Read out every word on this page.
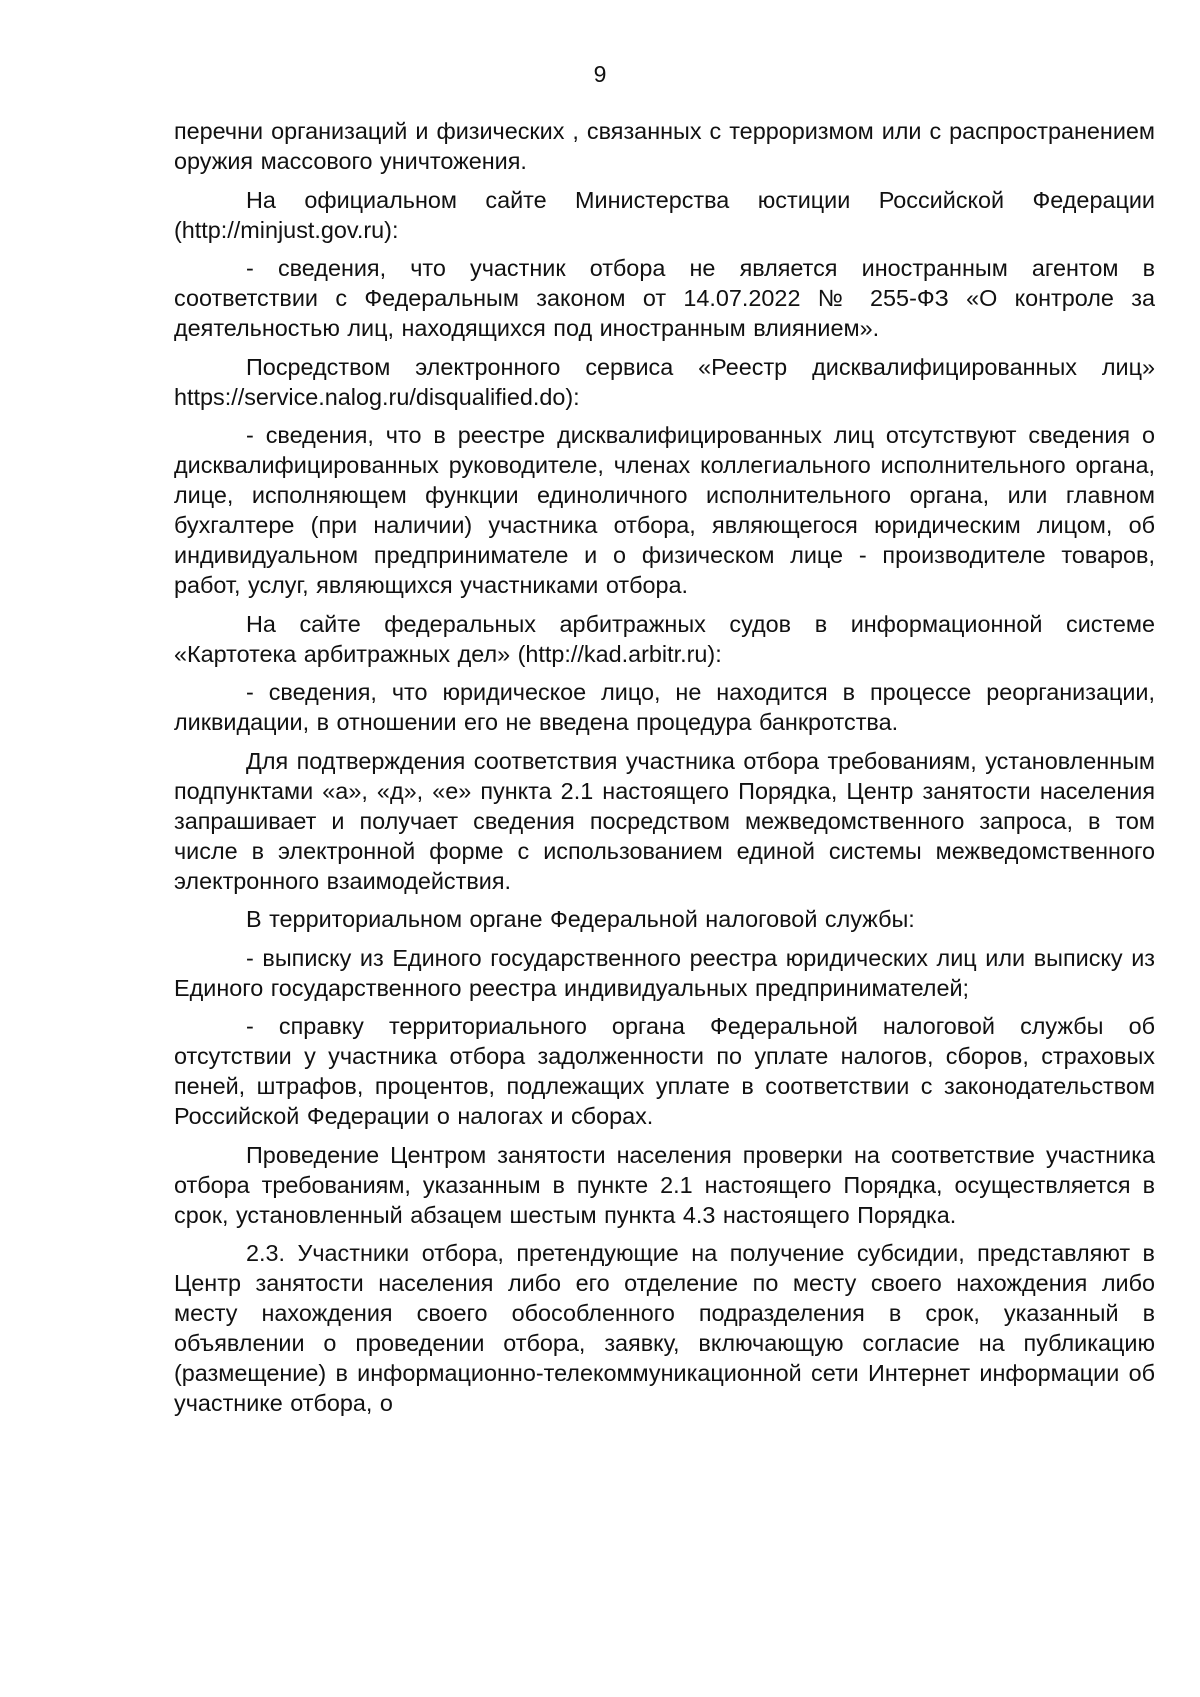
9

перечни организаций и физических , связанных с терроризмом или с распространением оружия массового уничтожения.

На официальном сайте Министерства юстиции Российской Федерации (http://minjust.gov.ru):

- сведения, что участник отбора не является иностранным агентом в соответствии с Федеральным законом от 14.07.2022 № 255-ФЗ «О контроле за деятельностью лиц, находящихся под иностранным влиянием».

Посредством электронного сервиса «Реестр дисквалифицированных лиц» https://service.nalog.ru/disqualified.do):

- сведения, что в реестре дисквалифицированных лиц отсутствуют сведения о дисквалифицированных руководителе, членах коллегиального исполнительного органа, лице, исполняющем функции единоличного исполнительного органа, или главном бухгалтере (при наличии) участника отбора, являющегося юридическим лицом, об индивидуальном предпринимателе и о физическом лице - производителе товаров, работ, услуг, являющихся участниками отбора.

На сайте федеральных арбитражных судов в информационной системе «Картотека арбитражных дел» (http://kad.arbitr.ru):

- сведения, что юридическое лицо, не находится в процессе реорганизации, ликвидации, в отношении его не введена процедура банкротства.

Для подтверждения соответствия участника отбора требованиям, установленным подпунктами «а», «д», «е» пункта 2.1 настоящего Порядка, Центр занятости населения запрашивает и получает сведения посредством межведомственного запроса, в том числе в электронной форме с использованием единой системы межведомственного электронного взаимодействия.

В территориальном органе Федеральной налоговой службы:

- выписку из Единого государственного реестра юридических лиц или выписку из Единого государственного реестра индивидуальных предпринимателей;

- справку территориального органа Федеральной налоговой службы об отсутствии у участника отбора задолженности по уплате налогов, сборов, страховых пеней, штрафов, процентов, подлежащих уплате в соответствии с законодательством Российской Федерации о налогах и сборах.

Проведение Центром занятости населения проверки на соответствие участника отбора требованиям, указанным в пункте 2.1 настоящего Порядка, осуществляется в срок, установленный абзацем шестым пункта 4.3 настоящего Порядка.

2.3. Участники отбора, претендующие на получение субсидии, представляют в Центр занятости населения либо его отделение по месту своего нахождения либо месту нахождения своего обособленного подразделения в срок, указанный в объявлении о проведении отбора, заявку, включающую согласие на публикацию (размещение) в информационно-телекоммуникационной сети Интернет информации об участнике отбора, о
